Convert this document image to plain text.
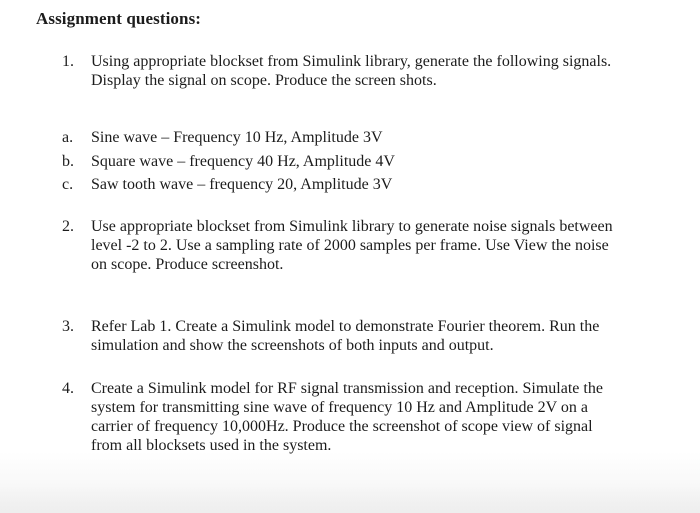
Assignment questions:
1.	Using appropriate blockset from Simulink library, generate the following signals.
Display the signal on scope. Produce the screen shots.
a. Sine wave – Frequency 10 Hz, Amplitude 3V
b. Square wave – frequency 40 Hz, Amplitude 4V
c. Saw tooth wave – frequency 20, Amplitude 3V
2.	Use appropriate blockset from Simulink library to generate noise signals between
level -2 to 2. Use a sampling rate of 2000 samples per frame. Use View the noise
on scope. Produce screenshot.
3.	Refer Lab 1. Create a Simulink model to demonstrate Fourier theorem. Run the
simulation and show the screenshots of both inputs and output.
4.	Create a Simulink model for RF signal transmission and reception. Simulate the
system for transmitting sine wave of frequency 10 Hz and Amplitude 2V on a
carrier of frequency 10,000Hz. Produce the screenshot of scope view of signal
from all blocksets used in the system.
